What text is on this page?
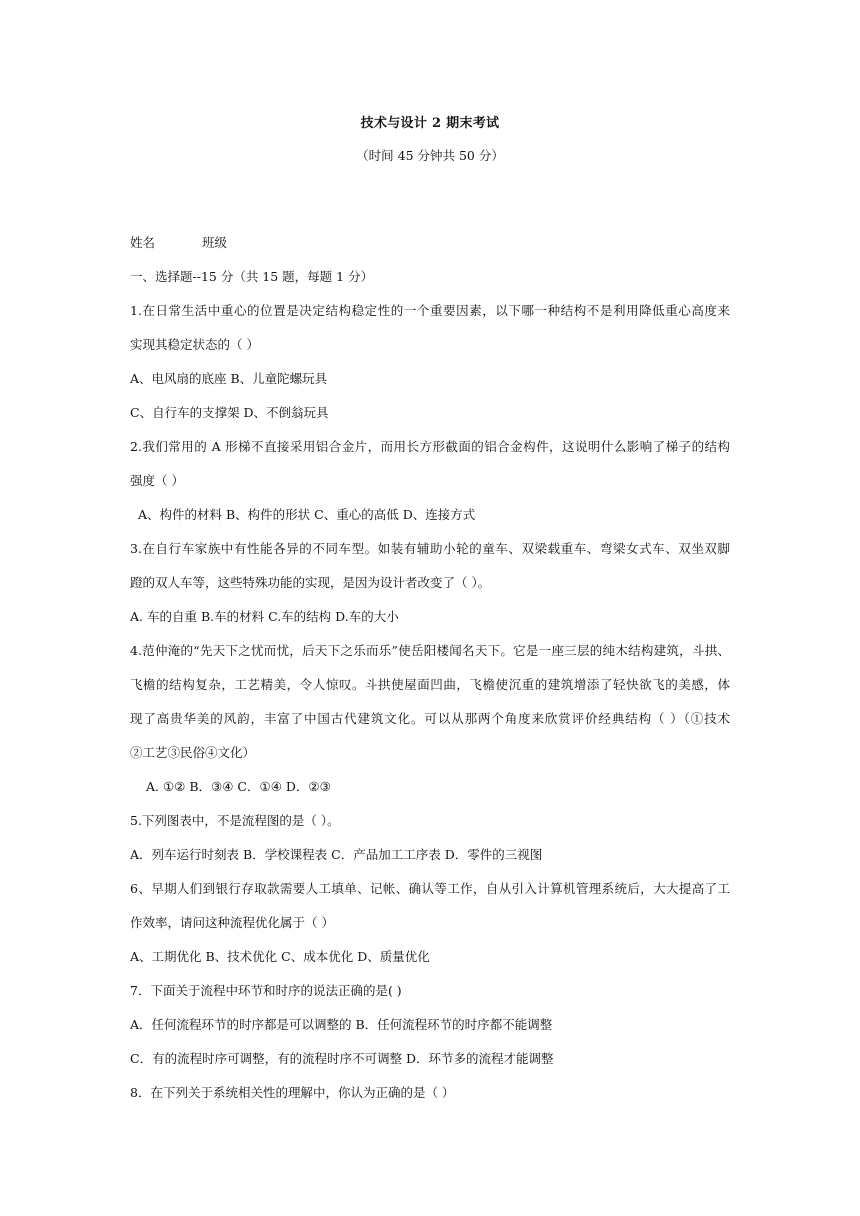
技术与设计 2 期末考试
（时间 45 分钟共 50 分）
姓名	班级
一、选择题--15 分（共 15 题，每题 1 分）
1.在日常生活中重心的位置是决定结构稳定性的一个重要因素，以下哪一种结构不是利用降低重心高度来
实现其稳定状态的（ ）
A、电风扇的底座 B、儿童陀螺玩具
C、自行车的支撑架 D、不倒翁玩具
2.我们常用的 A 形梯不直接采用铝合金片，而用长方形截面的铝合金构件，这说明什么影响了梯子的结构
强度（ ）
A、构件的材料 B、构件的形状 C、重心的高低 D、连接方式
3.在自行车家族中有性能各异的不同车型。如装有辅助小轮的童车、双梁载重车、弯梁女式车、双坐双脚
蹬的双人车等，这些特殊功能的实现，是因为设计者改变了（ ）。
A. 车的自重 B.车的材料 C.车的结构 D.车的大小
4.范仲淹的“先天下之忧而忧，后天下之乐而乐”使岳阳楼闻名天下。它是一座三层的纯木结构建筑，斗拱、
飞檐的结构复杂，工艺精美，令人惊叹。斗拱使屋面凹曲，飞檐使沉重的建筑增添了轻快欲飞的美感，体
现了高贵华美的风韵，丰富了中国古代建筑文化。可以从那两个角度来欣赏评价经典结构（ ）（①技术
②工艺③民俗④文化）
A. ①② B．③④ C．①④ D．②③
5.下列图表中，不是流程图的是（ ）。
A．列车运行时刻表 B．学校课程表 C．产品加工工序表 D．零件的三视图
6、早期人们到银行存取款需要人工填单、记帐、确认等工作，自从引入计算机管理系统后，大大提高了工
作效率，请问这种流程优化属于（ ）
A、工期优化 B、技术优化 C、成本优化 D、质量优化
7．下面关于流程中环节和时序的说法正确的是( )
A．任何流程环节的时序都是可以调整的 B．任何流程环节的时序都不能调整
C．有的流程时序可调整，有的流程时序不可调整 D．环节多的流程才能调整
8．在下列关于系统相关性的理解中，你认为正确的是（ ）
